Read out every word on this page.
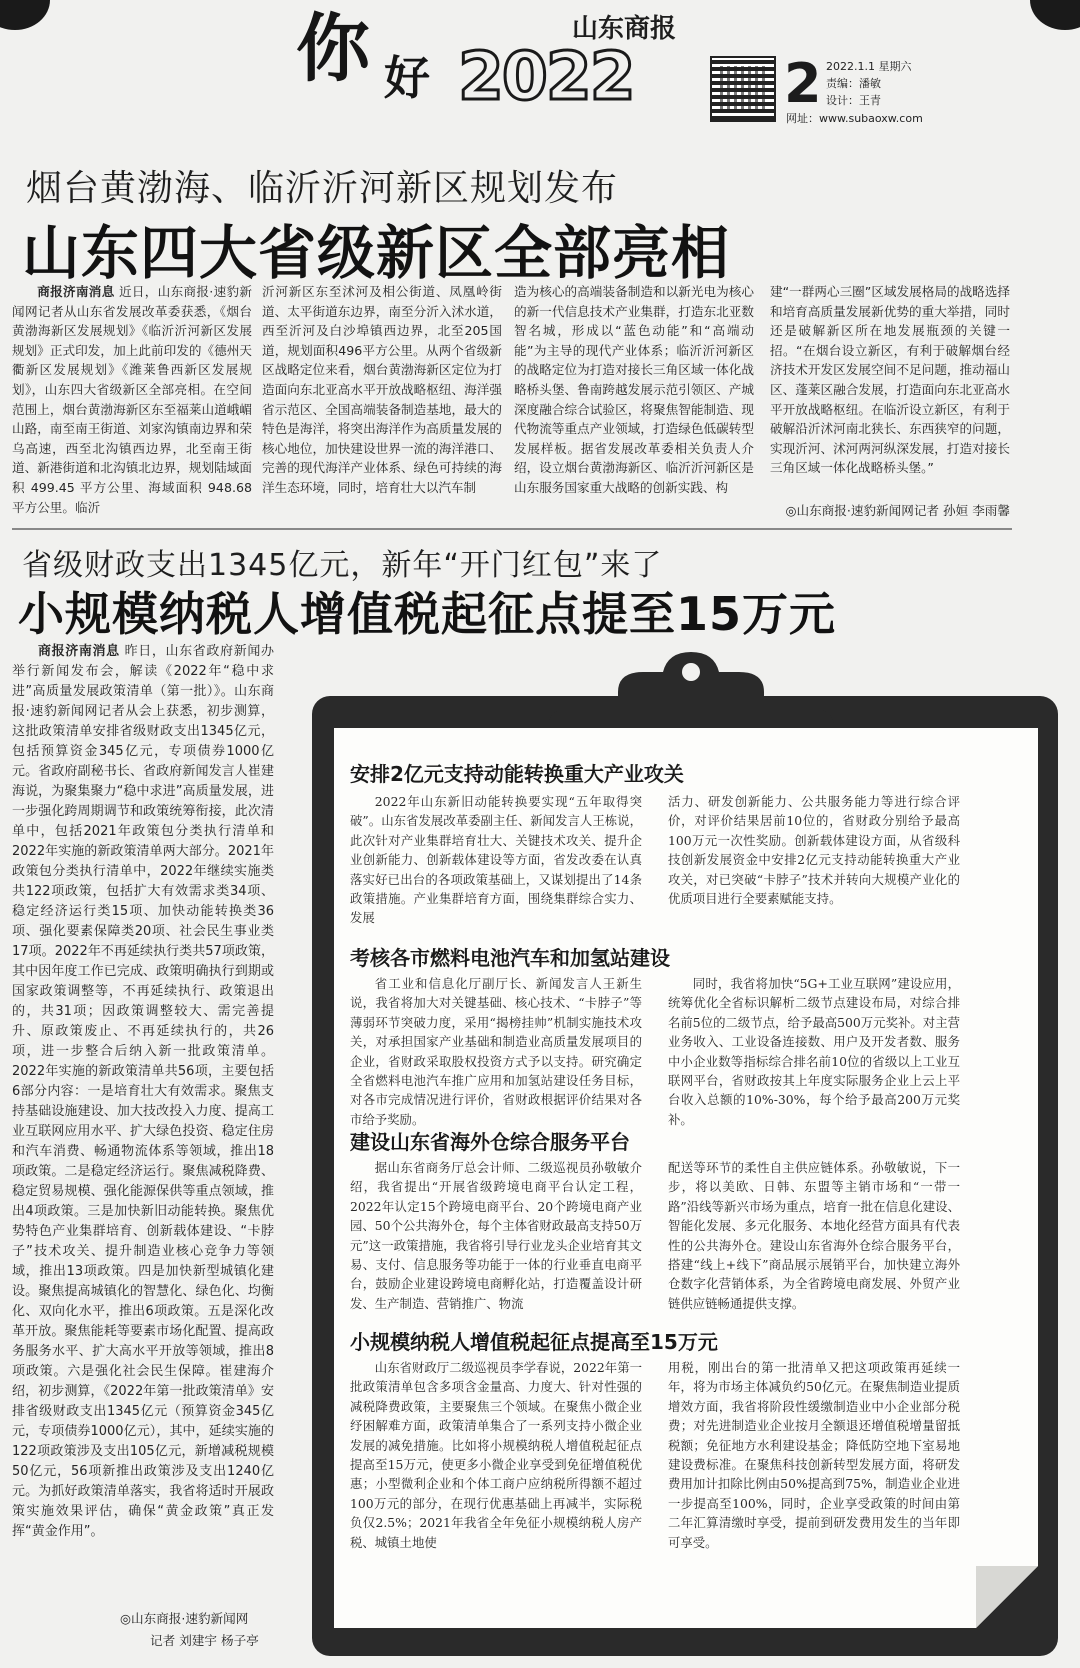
你 好 2022
山东商报
2 2022.1.1 星期六
责编：潘敏
设计：王青
网址：www.subaoxw.com
烟台黄渤海、临沂沂河新区规划发布
山东四大省级新区全部亮相

商报济南消息 近日，山东商报·速豹新闻网记者从山东省发展改革委获悉，《烟台黄渤海新区发展规划》《临沂沂河新区发展规划》正式印发，加上此前印发的《德州天衢新区发展规划》《潍莱鲁西新区发展规划》，山东四大省级新区全部亮相。在空间范围上，烟台黄渤海新区东至福莱山道峨嵋山路，南至南王街道、刘家沟镇南边界和荣乌高速，西至北沟镇西边界，北至南王街道、新港街道和北沟镇北边界，规划陆域面积 499.45 平方公里、海域面积 948.68 平方公里。临沂

沂河新区东至沭河及相公街道、凤凰岭街道、太平街道东边界，南至分沂入沭水道，西至沂河及白沙埠镇西边界，北至205国道，规划面积496平方公里。从两个省级新区战略定位来看，烟台黄渤海新区定位为打造面向东北亚高水平开放战略枢纽、海洋强省示范区、全国高端装备制造基地，最大的特色是海洋，将突出海洋作为高质量发展的核心地位，加快建设世界一流的海洋港口、完善的现代海洋产业体系、绿色可持续的海洋生态环境，同时，培育壮大以汽车制

造为核心的高端装备制造和以新光电为核心的新一代信息技术产业集群，打造东北亚数智名城，形成以“蓝色动能”和“高端动能”为主导的现代产业体系；临沂沂河新区的战略定位为打造对接长三角区域一体化战略桥头堡、鲁南跨越发展示范引领区、产城深度融合综合试验区，将聚焦智能制造、现代物流等重点产业领域，打造绿色低碳转型发展样板。据省发展改革委相关负责人介绍，设立烟台黄渤海新区、临沂沂河新区是山东服务国家重大战略的创新实践、构

建“一群两心三圈”区域发展格局的战略选择和培育高质量发展新优势的重大举措，同时还是破解新区所在地发展瓶颈的关键一招。“在烟台设立新区，有利于破解烟台经济技术开发区发展空间不足问题，推动福山区、蓬莱区融合发展，打造面向东北亚高水平开放战略枢纽。在临沂设立新区，有利于破解沿沂沭河南北狭长、东西狭窄的问题，实现沂河、沭河两河纵深发展，打造对接长三角区域一体化战略桥头堡。”

◎山东商报·速豹新闻网记者 孙姮 李雨馨
省级财政支出1345亿元，新年“开门红包”来了
小规模纳税人增值税起征点提至15万元

商报济南消息 昨日，山东省政府新闻办举行新闻发布会，解读《2022年“稳中求进”高质量发展政策清单（第一批）》。山东商报·速豹新闻网记者从会上获悉，初步测算，这批政策清单安排省级财政支出1345亿元，包括预算资金345亿元，专项债券1000亿元。省政府副秘书长、省政府新闻发言人崔建海说，为聚集聚力“稳中求进”高质量发展，进一步强化跨周期调节和政策统筹衔接，此次清单中，包括2021年政策包分类执行清单和2022年实施的新政策清单两大部分。2021年政策包分类执行清单中，2022年继续实施类共122项政策，包括扩大有效需求类34项、稳定经济运行类15项、加快动能转换类36项、强化要素保障类20项、社会民生事业类17项。2022年不再延续执行类共57项政策，其中因年度工作已完成、政策明确执行到期或国家政策调整等，不再延续执行、政策退出的，共31项；因政策调整较大、需完善提升、原政策废止、不再延续执行的，共26项，进一步整合后纳入新一批政策清单。2022年实施的新政策清单共56项，主要包括6部分内容：一是培育壮大有效需求。聚焦支持基础设施建设、加大技改投入力度、提高工业互联网应用水平、扩大绿色投资、稳定住房和汽车消费、畅通物流体系等领域，推出18项政策。二是稳定经济运行。聚焦减税降费、稳定贸易规模、强化能源保供等重点领域，推出4项政策。三是加快新旧动能转换。聚焦优势特色产业集群培育、创新载体建设、“卡脖子”技术攻关、提升制造业核心竞争力等领域，推出13项政策。四是加快新型城镇化建设。聚焦提高城镇化的智慧化、绿色化、均衡化、双向化水平，推出6项政策。五是深化改革开放。聚焦能耗等要素市场化配置、提高政务服务水平、扩大高水平开放等领域，推出8项政策。六是强化社会民生保障。崔建海介绍，初步测算，《2022年第一批政策清单》安排省级财政支出1345亿元（预算资金345亿元，专项债券1000亿元），其中，延续实施的122项政策涉及支出105亿元，新增减税规模50亿元，56项新推出政策涉及支出1240亿元。为抓好政策清单落实，我省将适时开展政策实施效果评估，确保“黄金政策”真正发挥“黄金作用”。

◎山东商报·速豹新闻网
记者 刘建宇 杨子亭
安排2亿元支持动能转换重大产业攻关

2022年山东新旧动能转换要实现“五年取得突破”。山东省发展改革委副主任、新闻发言人王栋说，此次针对产业集群培育壮大、关键技术攻关、提升企业创新能力、创新载体建设等方面，省发改委在认真落实好已出台的各项政策基础上，又谋划提出了14条政策措施。产业集群培育方面，围绕集群综合实力、发展

活力、研发创新能力、公共服务能力等进行综合评价，对评价结果居前10位的，省财政分别给予最高100万元一次性奖励。创新载体建设方面，从省级科技创新发展资金中安排2亿元支持动能转换重大产业攻关，对已突破“卡脖子”技术并转向大规模产业化的优质项目进行全要素赋能支持。

考核各市燃料电池汽车和加氢站建设

省工业和信息化厅副厅长、新闻发言人王新生说，我省将加大对关键基础、核心技术、“卡脖子”等薄弱环节突破力度，采用“揭榜挂帅”机制实施技术攻关，对承担国家产业基础和制造业高质量发展项目的企业，省财政采取股权投资方式予以支持。研究确定全省燃料电池汽车推广应用和加氢站建设任务目标，对各市完成情况进行评价，省财政根据评价结果对各市给予奖励。

同时，我省将加快“5G+工业互联网”建设应用，统筹优化全省标识解析二级节点建设布局，对综合排名前5位的二级节点，给予最高500万元奖补。对主营业务收入、工业设备连接数、用户及开发者数、服务中小企业数等指标综合排名前10位的省级以上工业互联网平台，省财政按其上年度实际服务企业上云上平台收入总额的10%-30%，每个给予最高200万元奖补。

建设山东省海外仓综合服务平台

据山东省商务厅总会计师、二级巡视员孙敬敏介绍，我省提出“开展省级跨境电商平台认定工程，2022年认定15个跨境电商平台、20个跨境电商产业园、50个公共海外仓，每个主体省财政最高支持50万元”这一政策措施，我省将引导行业龙头企业培育其文易、支付、信息服务等功能于一体的行业垂直电商平台，鼓励企业建设跨境电商孵化站，打造覆盖设计研发、生产制造、营销推广、物流

配送等环节的柔性自主供应链体系。孙敬敏说，下一步，将以美欧、日韩、东盟等主销市场和“一带一路”沿线等新兴市场为重点，培育一批在信息化建设、智能化发展、多元化服务、本地化经营方面具有代表性的公共海外仓。建设山东省海外仓综合服务平台，搭建“线上+线下”商品展示展销平台，加快建立海外仓数字化营销体系，为全省跨境电商发展、外贸产业链供应链畅通提供支撑。

小规模纳税人增值税起征点提高至15万元

山东省财政厅二级巡视员李学春说，2022年第一批政策清单包含多项含金量高、力度大、针对性强的减税降费政策，主要聚焦三个领域。在聚焦小微企业纾困解难方面，政策清单集合了一系列支持小微企业发展的减免措施。比如将小规模纳税人增值税起征点提高至15万元，使更多小微企业享受到免征增值税优惠；小型微利企业和个体工商户应纳税所得额不超过100万元的部分，在现行优惠基础上再减半，实际税负仅2.5%；2021年我省全年免征小规模纳税人房产税、城镇土地使

用税，刚出台的第一批清单又把这项政策再延续一年，将为市场主体减负约50亿元。在聚焦制造业提质增效方面，我省将阶段性缓缴制造业中小企业部分税费；对先进制造业企业按月全额退还增值税增量留抵税额；免征地方水利建设基金；降低防空地下室易地建设费标准。在聚焦科技创新转型发展方面，将研发费用加计扣除比例由50%提高到75%，制造业企业进一步提高至100%，同时，企业享受政策的时间由第二年汇算清缴时享受，提前到研发费用发生的当年即可享受。
